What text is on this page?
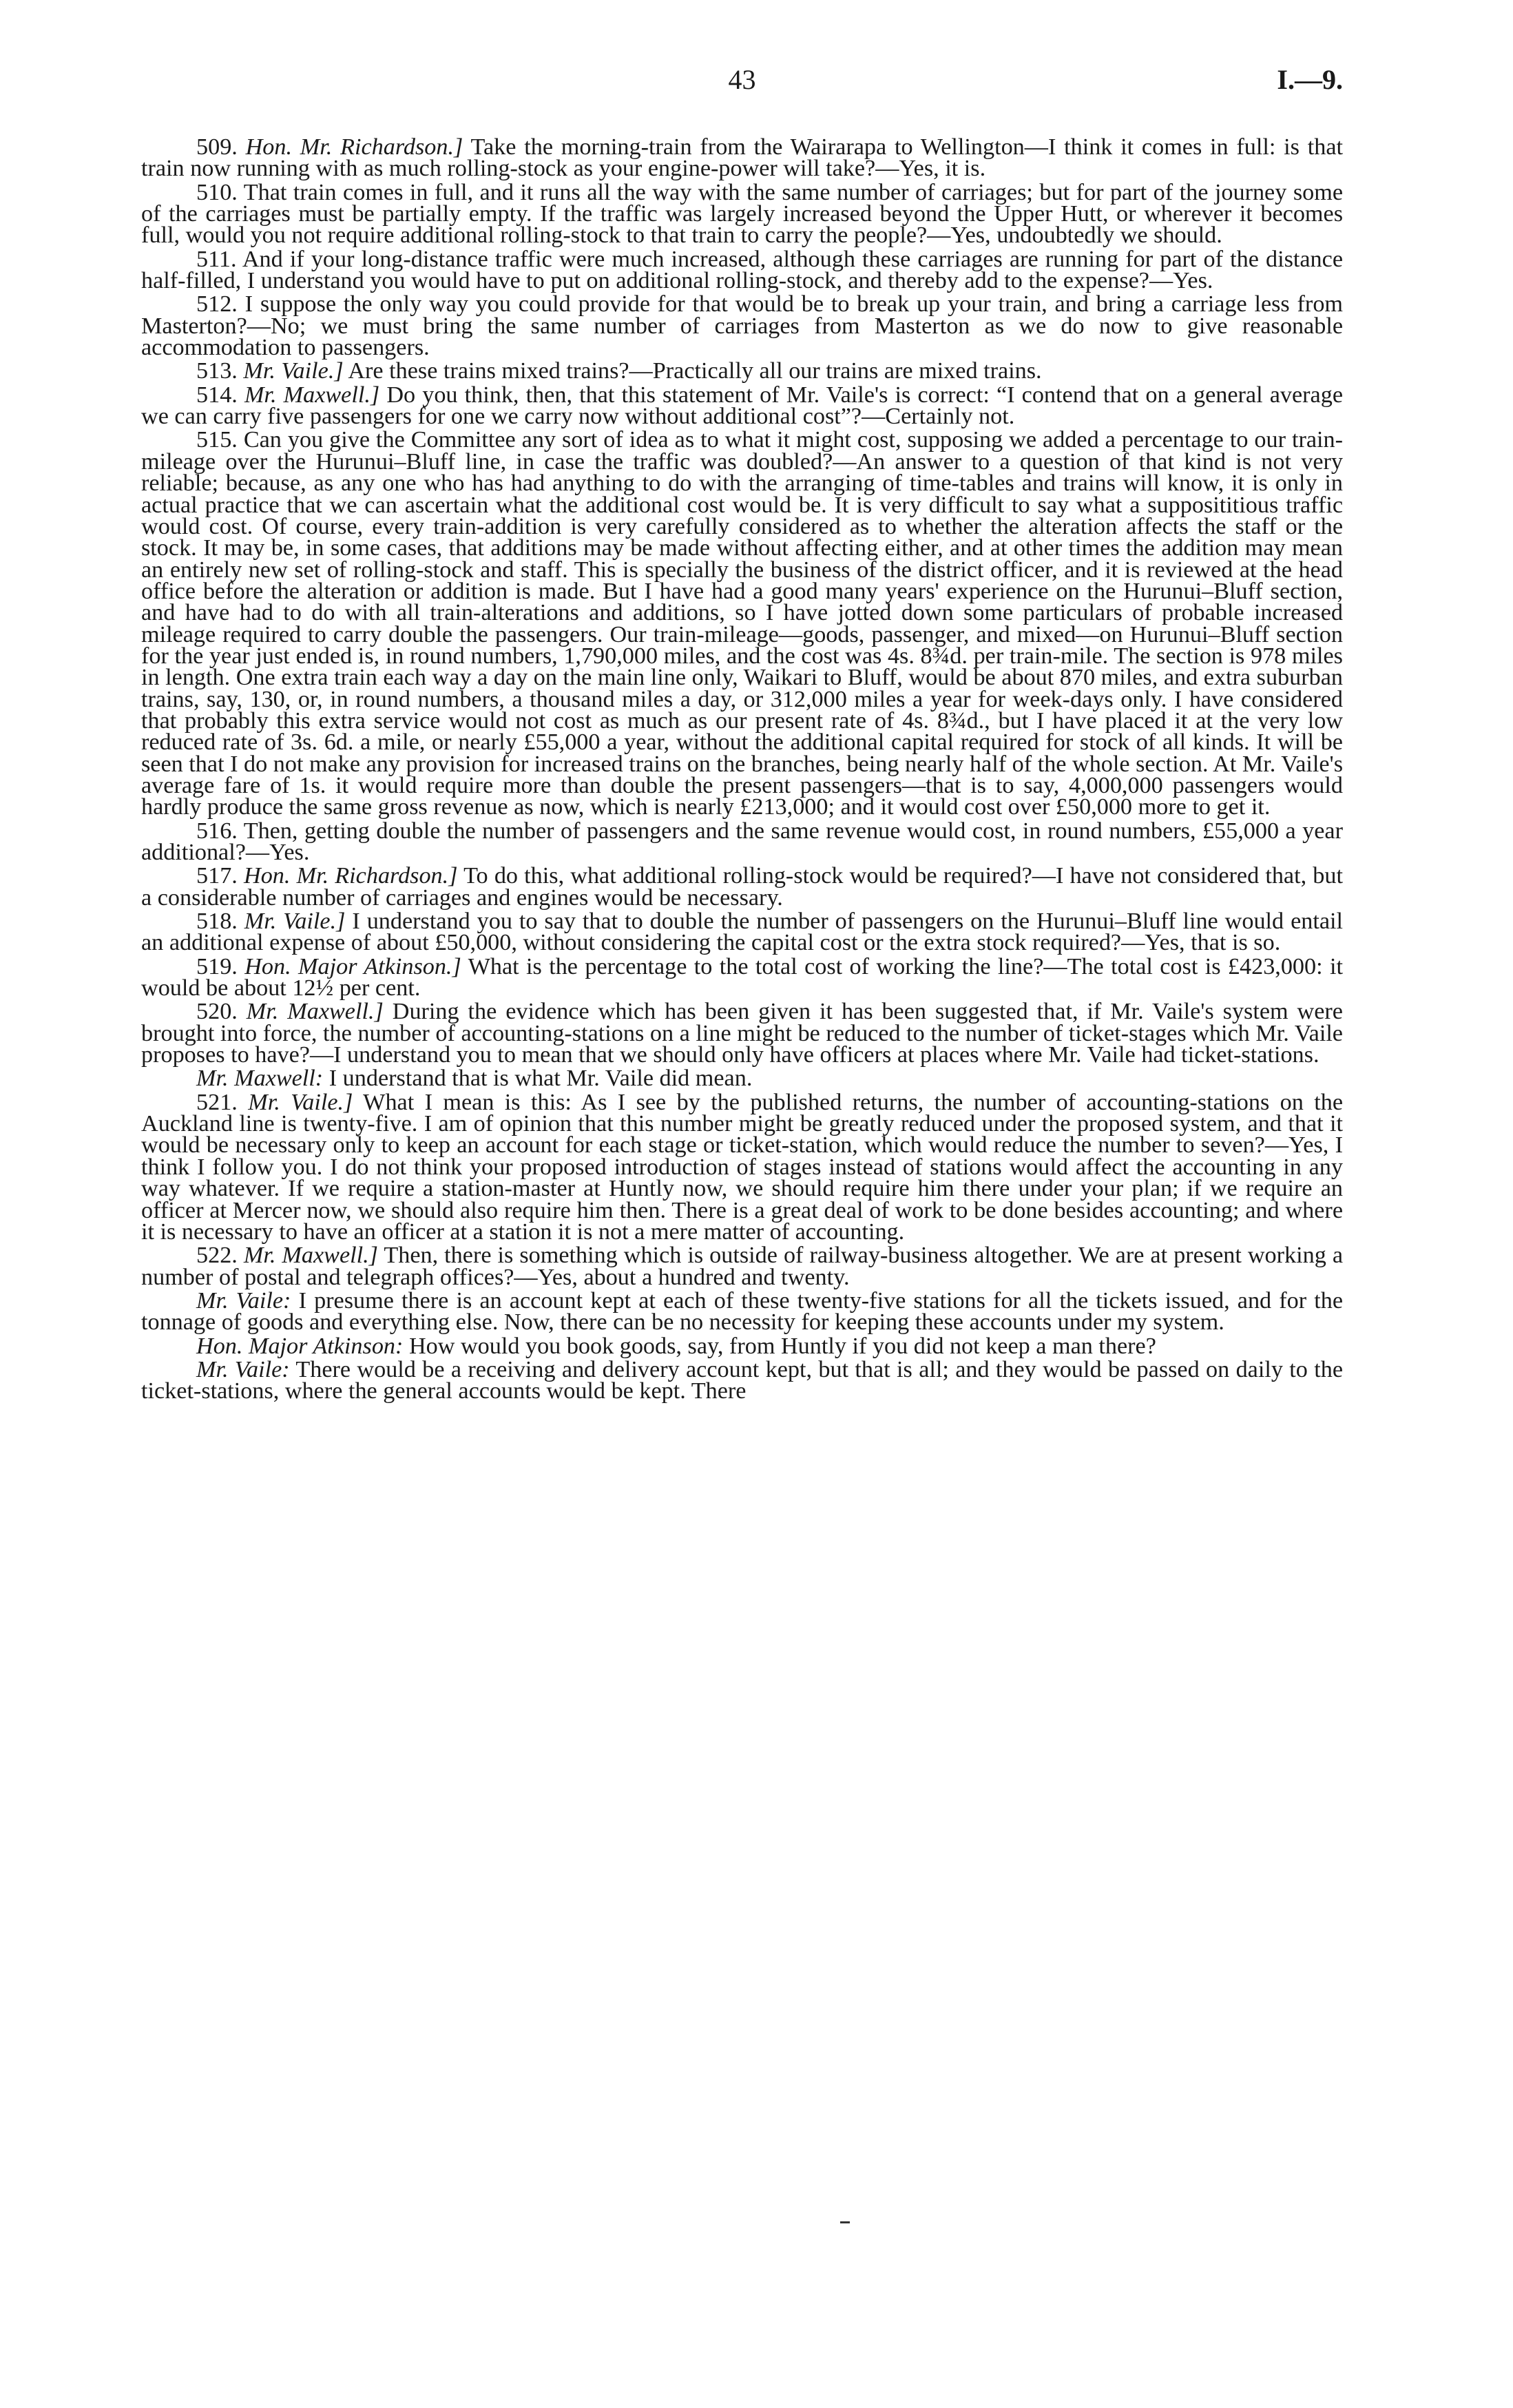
43	I.—9.

509. Hon. Mr. Richardson.] Take the morning-train from the Wairarapa to Wellington—I think it comes in full: is that train now running with as much rolling-stock as your engine-power will take?—Yes, it is.

510. That train comes in full, and it runs all the way with the same number of carriages; but for part of the journey some of the carriages must be partially empty. If the traffic was largely increased beyond the Upper Hutt, or wherever it becomes full, would you not require additional rolling-stock to that train to carry the people?—Yes, undoubtedly we should.

511. And if your long-distance traffic were much increased, although these carriages are running for part of the distance half-filled, I understand you would have to put on additional rolling-stock, and thereby add to the expense?—Yes.

512. I suppose the only way you could provide for that would be to break up your train, and bring a carriage less from Masterton?—No; we must bring the same number of carriages from Masterton as we do now to give reasonable accommodation to passengers.

513. Mr. Vaile.] Are these trains mixed trains?—Practically all our trains are mixed trains.

514. Mr. Maxwell.] Do you think, then, that this statement of Mr. Vaile's is correct: “I contend that on a general average we can carry five passengers for one we carry now without additional cost”?—Certainly not.

515. Can you give the Committee any sort of idea as to what it might cost, supposing we added a percentage to our train-mileage over the Hurunui–Bluff line, in case the traffic was doubled?—An answer to a question of that kind is not very reliable; because, as any one who has had anything to do with the arranging of time-tables and trains will know, it is only in actual practice that we can ascertain what the additional cost would be. It is very difficult to say what a supposititious traffic would cost. Of course, every train-addition is very carefully considered as to whether the alteration affects the staff or the stock. It may be, in some cases, that additions may be made without affecting either, and at other times the addition may mean an entirely new set of rolling-stock and staff. This is specially the business of the district officer, and it is reviewed at the head office before the alteration or addition is made. But I have had a good many years' experience on the Hurunui–Bluff section, and have had to do with all train-alterations and additions, so I have jotted down some particulars of probable increased mileage required to carry double the passengers. Our train-mileage—goods, passenger, and mixed—on Hurunui–Bluff section for the year just ended is, in round numbers, 1,790,000 miles, and the cost was 4s. 8¾d. per train-mile. The section is 978 miles in length. One extra train each way a day on the main line only, Waikari to Bluff, would be about 870 miles, and extra suburban trains, say, 130, or, in round numbers, a thousand miles a day, or 312,000 miles a year for week-days only. I have considered that probably this extra service would not cost as much as our present rate of 4s. 8¾d., but I have placed it at the very low reduced rate of 3s. 6d. a mile, or nearly £55,000 a year, without the additional capital required for stock of all kinds. It will be seen that I do not make any provision for increased trains on the branches, being nearly half of the whole section. At Mr. Vaile's average fare of 1s. it would require more than double the present passengers—that is to say, 4,000,000 passengers would hardly produce the same gross revenue as now, which is nearly £213,000; and it would cost over £50,000 more to get it.

516. Then, getting double the number of passengers and the same revenue would cost, in round numbers, £55,000 a year additional?—Yes.

517. Hon. Mr. Richardson.] To do this, what additional rolling-stock would be required?—I have not considered that, but a considerable number of carriages and engines would be necessary.

518. Mr. Vaile.] I understand you to say that to double the number of passengers on the Hurunui–Bluff line would entail an additional expense of about £50,000, without considering the capital cost or the extra stock required?—Yes, that is so.

519. Hon. Major Atkinson.] What is the percentage to the total cost of working the line?—The total cost is £423,000: it would be about 12½ per cent.

520. Mr. Maxwell.] During the evidence which has been given it has been suggested that, if Mr. Vaile's system were brought into force, the number of accounting-stations on a line might be reduced to the number of ticket-stages which Mr. Vaile proposes to have?—I understand you to mean that we should only have officers at places where Mr. Vaile had ticket-stations.

Mr. Maxwell: I understand that is what Mr. Vaile did mean.

521. Mr. Vaile.] What I mean is this: As I see by the published returns, the number of accounting-stations on the Auckland line is twenty-five. I am of opinion that this number might be greatly reduced under the proposed system, and that it would be necessary only to keep an account for each stage or ticket-station, which would reduce the number to seven?—Yes, I think I follow you. I do not think your proposed introduction of stages instead of stations would affect the accounting in any way whatever. If we require a station-master at Huntly now, we should require him there under your plan; if we require an officer at Mercer now, we should also require him then. There is a great deal of work to be done besides accounting; and where it is necessary to have an officer at a station it is not a mere matter of accounting.

522. Mr. Maxwell.] Then, there is something which is outside of railway-business altogether. We are at present working a number of postal and telegraph offices?—Yes, about a hundred and twenty.

Mr. Vaile: I presume there is an account kept at each of these twenty-five stations for all the tickets issued, and for the tonnage of goods and everything else. Now, there can be no necessity for keeping these accounts under my system.

Hon. Major Atkinson: How would you book goods, say, from Huntly if you did not keep a man there?

Mr. Vaile: There would be a receiving and delivery account kept, but that is all; and they would be passed on daily to the ticket-stations, where the general accounts would be kept. There
